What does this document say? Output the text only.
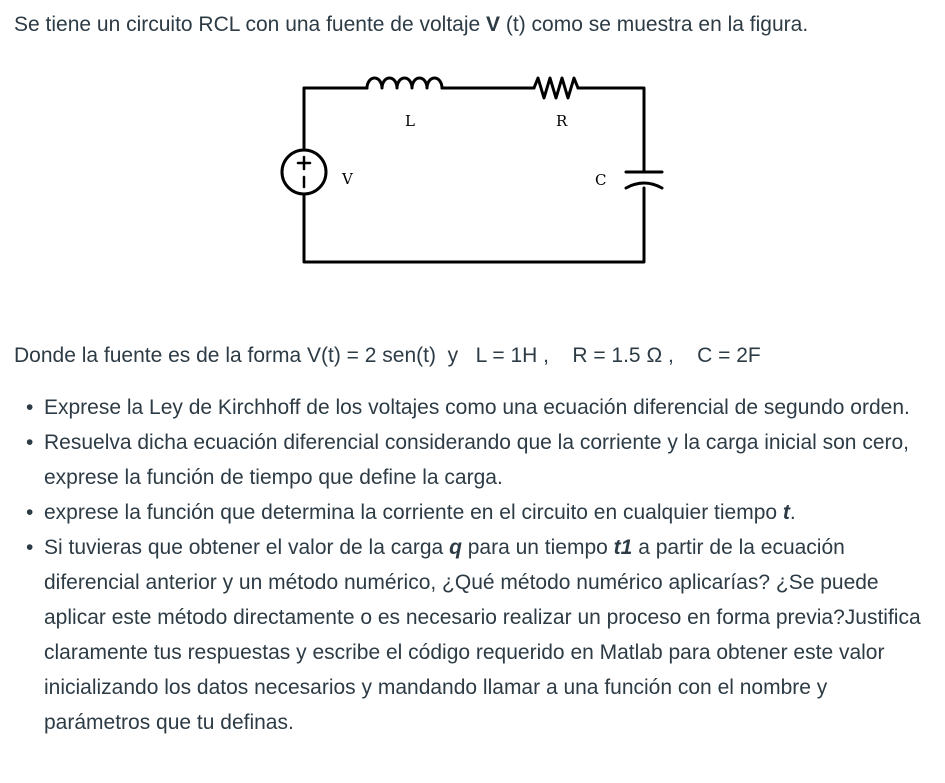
Se tiene un circuito RCL con una fuente de voltaje V (t) como se muestra en la figura.
V
L	R
C
Donde la fuente es de la forma V(t) = 2 sen(t)  y   L = 1H ,    R = 1.5 Ω ,    C = 2F
• Exprese la Ley de Kirchhoff de los voltajes como una ecuación diferencial de segundo orden.
• Resuelva dicha ecuación diferencial considerando que la corriente y la carga inicial son cero, exprese la función de tiempo que define la carga.
• exprese la función que determina la corriente en el circuito en cualquier tiempo t.
• Si tuvieras que obtener el valor de la carga q para un tiempo t1 a partir de la ecuación diferencial anterior y un método numérico, ¿Qué método numérico aplicarías? ¿Se puede aplicar este método directamente o es necesario realizar un proceso en forma previa?Justifica claramente tus respuestas y escribe el código requerido en Matlab para obtener este valor inicializando los datos necesarios y mandando llamar a una función con el nombre y parámetros que tu definas.
